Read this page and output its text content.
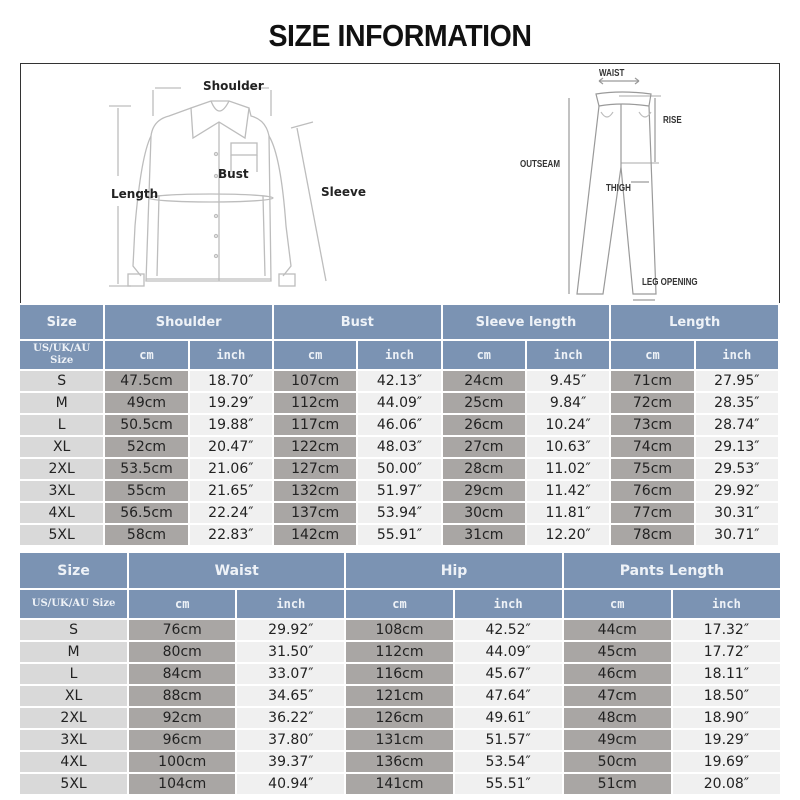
SIZE INFORMATION
Shoulder
Bust
Length	Sleeve
WAIST
RISE
OUTSEAM
THIGH
LEG OPENING
Size	Shoulder		Bust		Sleeve length		Length	
US/UK/AU Size	cm	inch	cm	inch	cm	inch	cm	inch
S	47.5cm	18.70″	107cm	42.13″	24cm	9.45″	71cm	27.95″
M	49cm	19.29″	112cm	44.09″	25cm	9.84″	72cm	28.35″
L	50.5cm	19.88″	117cm	46.06″	26cm	10.24″	73cm	28.74″
XL	52cm	20.47″	122cm	48.03″	27cm	10.63″	74cm	29.13″
2XL	53.5cm	21.06″	127cm	50.00″	28cm	11.02″	75cm	29.53″
3XL	55cm	21.65″	132cm	51.97″	29cm	11.42″	76cm	29.92″
4XL	56.5cm	22.24″	137cm	53.94″	30cm	11.81″	77cm	30.31″
5XL	58cm	22.83″	142cm	55.91″	31cm	12.20″	78cm	30.71″
Size	Waist		Hip		Pants Length	
US/UK/AU Size	cm	inch	cm	inch	cm	inch
S	76cm	29.92″	108cm	42.52″	44cm	17.32″
M	80cm	31.50″	112cm	44.09″	45cm	17.72″
L	84cm	33.07″	116cm	45.67″	46cm	18.11″
XL	88cm	34.65″	121cm	47.64″	47cm	18.50″
2XL	92cm	36.22″	126cm	49.61″	48cm	18.90″
3XL	96cm	37.80″	131cm	51.57″	49cm	19.29″
4XL	100cm	39.37″	136cm	53.54″	50cm	19.69″
5XL	104cm	40.94″	141cm	55.51″	51cm	20.08″
